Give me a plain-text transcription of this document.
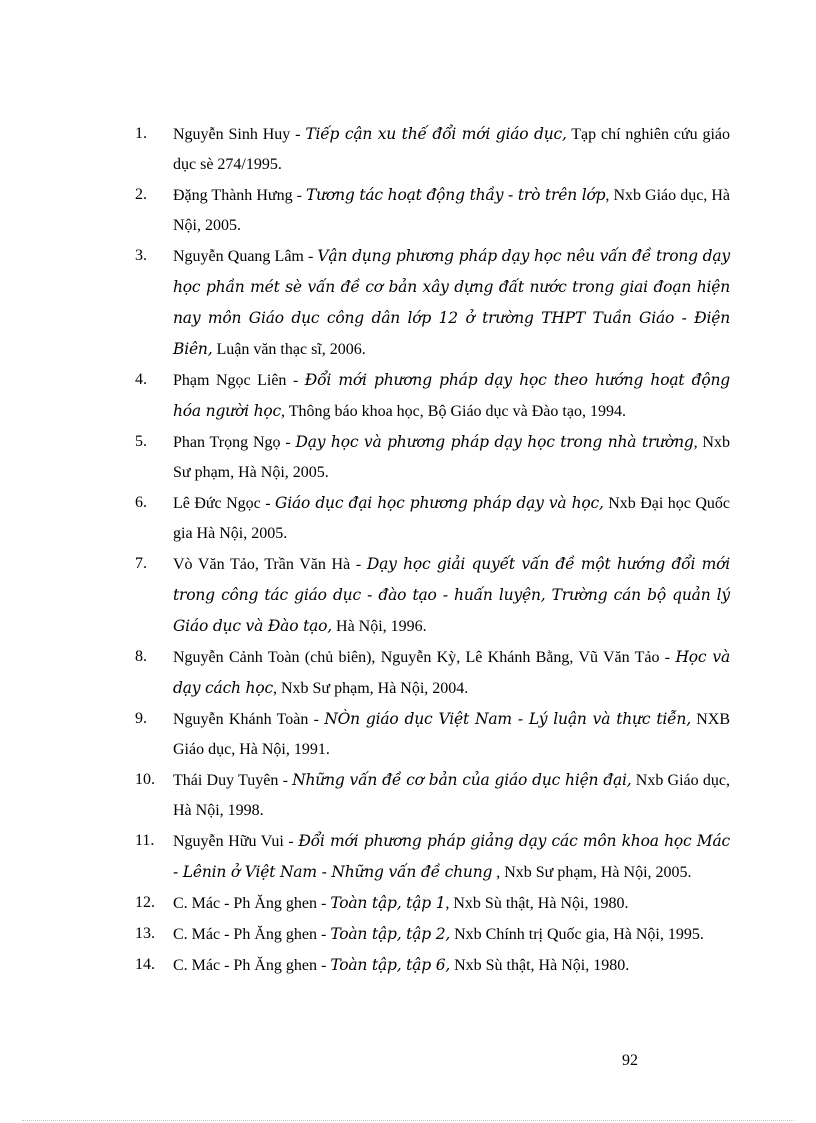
1. Nguyễn Sinh Huy - Tiếp cận xu thế đổi mới giáo dục, Tạp chí nghiên cứu giáo dục sè 274/1995.
2. Đặng Thành Hưng - Tương tác hoạt động thầy - trò trên lớp, Nxb Giáo dục, Hà Nội, 2005.
3. Nguyễn Quang Lâm - Vận dụng phương pháp dạy học nêu vấn đề trong dạy học phần mét sè vấn đề cơ bản xây dựng đất nước trong giai đoạn hiện nay môn Giáo dục công dân lớp 12 ở trường THPT Tuần Giáo - Điện Biên, Luận văn thạc sĩ, 2006.
4. Phạm Ngọc Liên - Đổi mới phương pháp dạy học theo hướng hoạt động hóa người học, Thông báo khoa học, Bộ Giáo dục và Đào tạo, 1994.
5. Phan Trọng Ngọ - Dạy học và phương pháp dạy học trong nhà trường, Nxb Sư phạm, Hà Nội, 2005.
6. Lê Đức Ngọc - Giáo dục đại học phương pháp dạy và học, Nxb Đại học Quốc gia Hà Nội, 2005.
7. Vò Văn Tảo, Trần Văn Hà - Dạy học giải quyết vấn đề một hướng đổi mới trong công tác giáo dục - đào tạo - huấn luyện, Trường cán bộ quản lý Giáo dục và Đào tạo, Hà Nội, 1996.
8. Nguyễn Cảnh Toàn (chủ biên), Nguyễn Kỳ, Lê Khánh Bằng, Vũ Văn Tảo - Học và dạy cách học, Nxb Sư phạm, Hà Nội, 2004.
9. Nguyễn Khánh Toàn - NÒn giáo dục Việt Nam - Lý luận và thực tiễn, NXB Giáo dục, Hà Nội, 1991.
10. Thái Duy Tuyên - Những vấn đề cơ bản của giáo dục hiện đại, Nxb Giáo dục, Hà Nội, 1998.
11. Nguyễn Hữu Vui - Đổi mới phương pháp giảng dạy các môn khoa học Mác - Lênin ở Việt Nam - Những vấn đề chung , Nxb Sư phạm, Hà Nội, 2005.
12. C. Mác - Ph Ăng ghen - Toàn tập, tập 1, Nxb Sù thật, Hà Nội, 1980.
13. C. Mác - Ph Ăng ghen - Toàn tập, tập 2, Nxb Chính trị Quốc gia, Hà Nội, 1995.
14. C. Mác - Ph Ăng ghen - Toàn tập, tập 6, Nxb Sù thật, Hà Nội, 1980.
92
